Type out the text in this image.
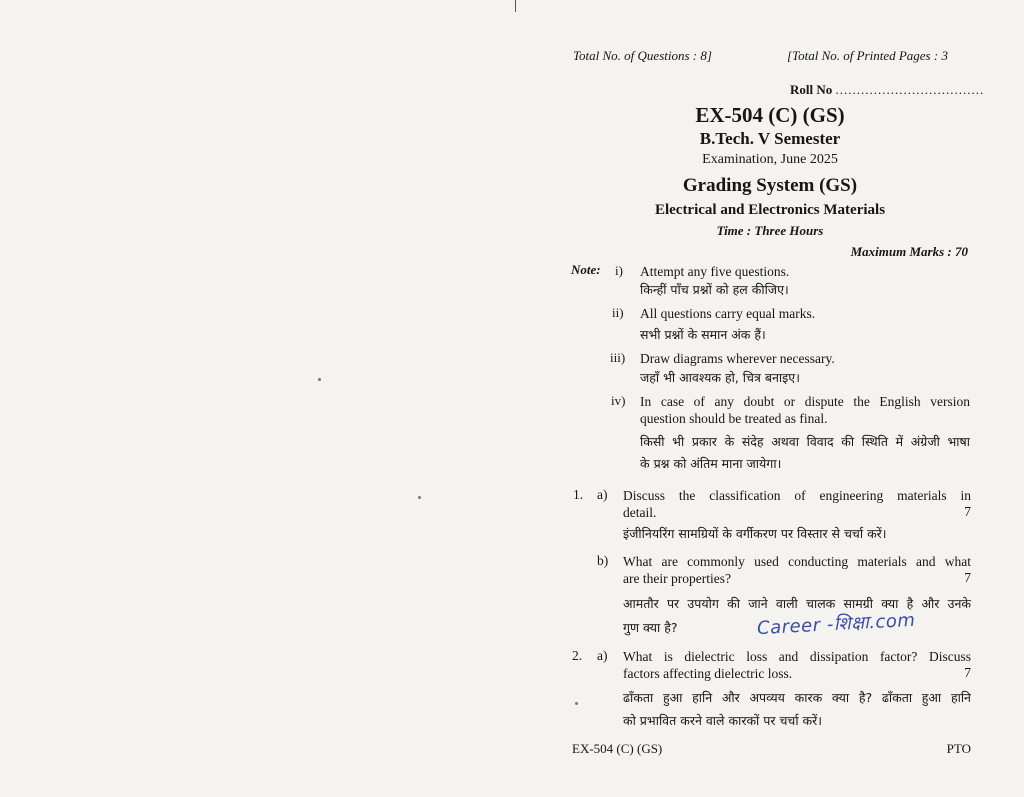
Total No. of Questions : 8]	[Total No. of Printed Pages : 3
Roll No ...................................
EX-504 (C) (GS)
B.Tech. V Semester
Examination, June 2025
Grading System (GS)
Electrical and Electronics Materials
Time : Three Hours
Maximum Marks : 70
Note: i) Attempt any five questions.
किन्हीं पाँच प्रश्नों को हल कीजिए।
ii) All questions carry equal marks.
सभी प्रश्नों के समान अंक हैं।
iii) Draw diagrams wherever necessary.
जहाँ भी आवश्यक हो, चित्र बनाइए।
iv) In case of any doubt or dispute the English version
question should be treated as final.
किसी भी प्रकार के संदेह अथवा विवाद की स्थिति में अंग्रेजी भाषा
के प्रश्न को अंतिम माना जायेगा।
1. a) Discuss the classification of engineering materials in
detail.	7
इंजीनियरिंग सामग्रियों के वर्गीकरण पर विस्तार से चर्चा करें।
b) What are commonly used conducting materials and what
are their properties?	7
आमतौर पर उपयोग की जाने वाली चालक सामग्री क्या है और उनके
गुण क्या है?	Career -शिक्षा.com
2. a) What is dielectric loss and dissipation factor? Discuss
factors affecting dielectric loss.	7
ढाँकता हुआ हानि और अपव्यय कारक क्या है? ढाँकता हुआ हानि
को प्रभावित करने वाले कारकों पर चर्चा करें।
EX-504 (C) (GS)	PTO
